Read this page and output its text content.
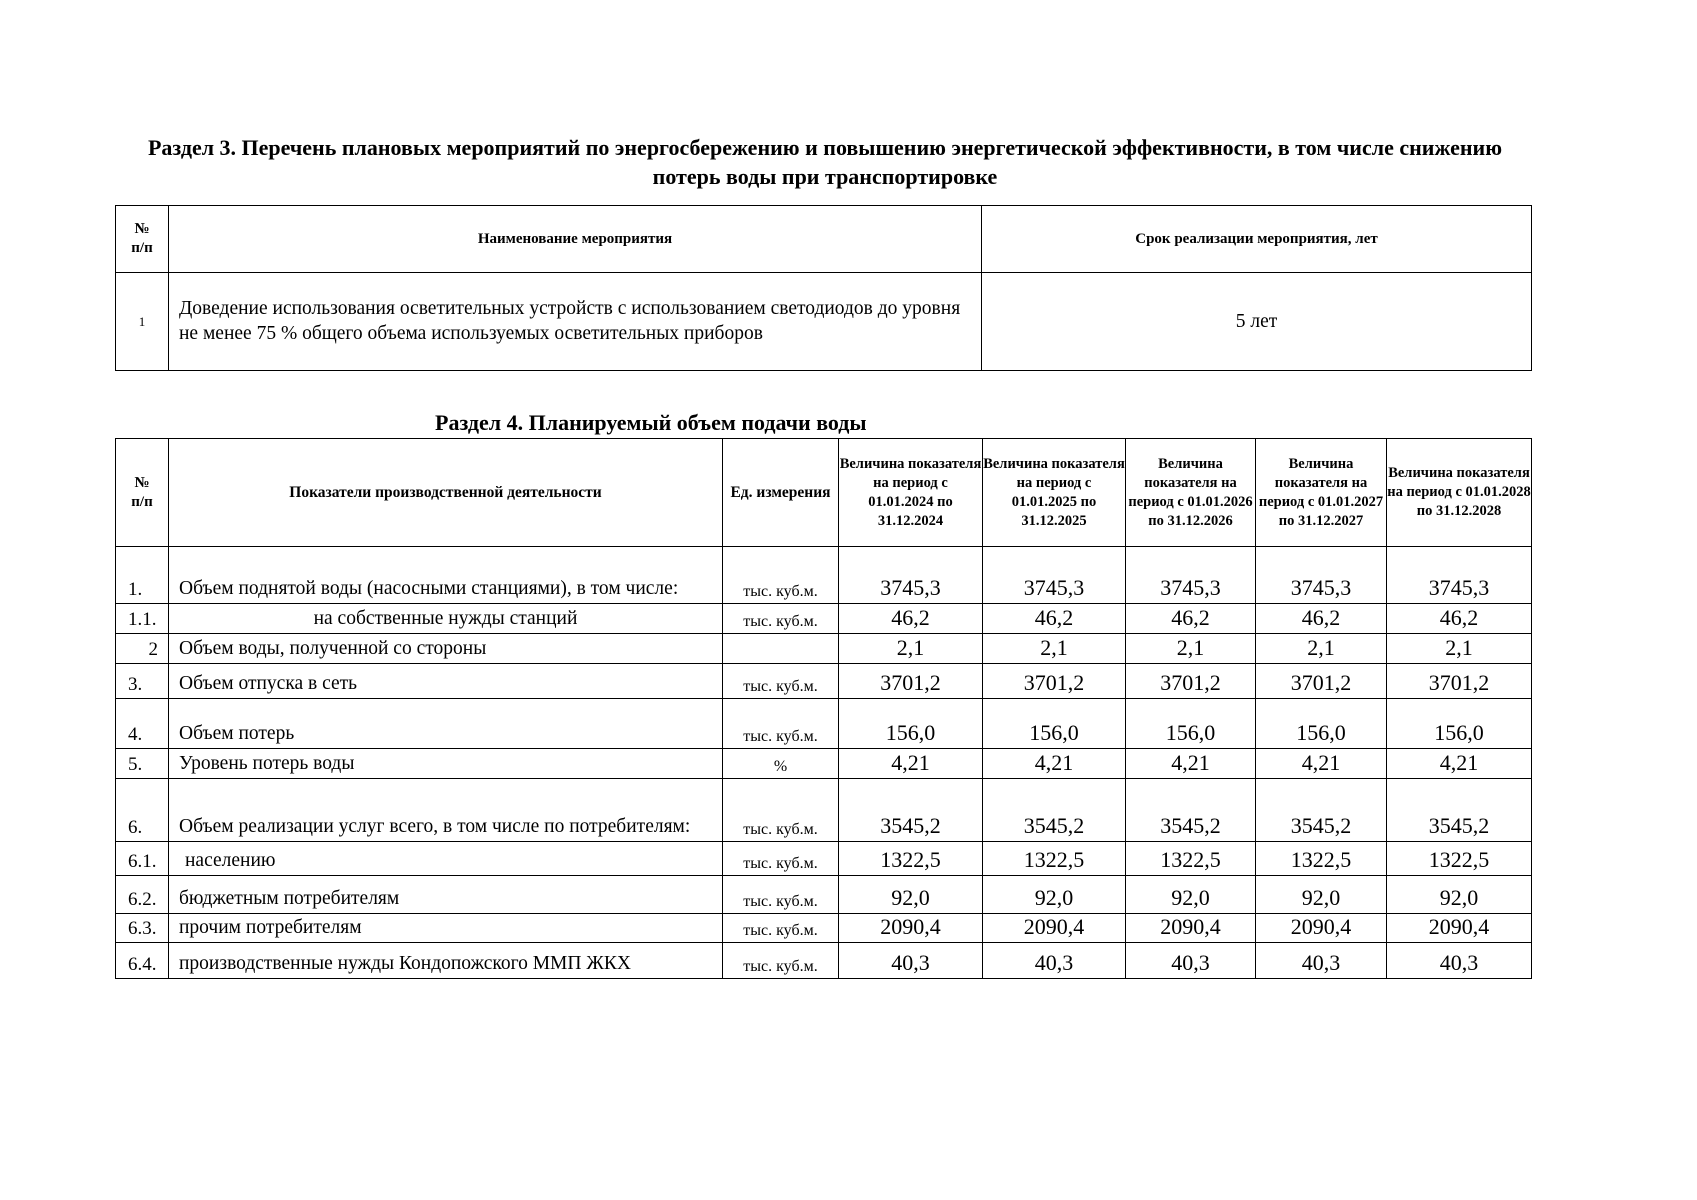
Раздел 3. Перечень плановых мероприятий по энергосбережению и повышению энергетической эффективности, в том числе снижению потерь воды при транспортировке
№
п/п	Наименование мероприятия	Срок реализации мероприятия, лет
1	Доведение использования осветительных устройств с использованием светодиодов до уровня не менее 75 % общего объема используемых осветительных приборов	5 лет
Раздел 4. Планируемый объем подачи воды
№
п/п	Показатели производственной деятельности	Ед. измерения	Величина показателя на период с 01.01.2024 по 31.12.2024	Величина показателя на период с 01.01.2025 по 31.12.2025	Величина показателя на период с 01.01.2026 по 31.12.2026	Величина показателя на период с 01.01.2027 по 31.12.2027	Величина показателя на период с 01.01.2028 по 31.12.2028
1.	Объем поднятой воды (насосными станциями), в том числе:	тыс. куб.м.	3745,3	3745,3	3745,3	3745,3	3745,3
1.1.	на собственные нужды станций	тыс. куб.м.	46,2	46,2	46,2	46,2	46,2
2	Объем воды, полученной со стороны		2,1	2,1	2,1	2,1	2,1
3.	Объем отпуска в сеть	тыс. куб.м.	3701,2	3701,2	3701,2	3701,2	3701,2
4.	Объем потерь	тыс. куб.м.	156,0	156,0	156,0	156,0	156,0
5.	Уровень потерь воды	%	4,21	4,21	4,21	4,21	4,21
6.	Объем реализации услуг всего, в том числе по потребителям:	тыс. куб.м.	3545,2	3545,2	3545,2	3545,2	3545,2
6.1.	населению	тыс. куб.м.	1322,5	1322,5	1322,5	1322,5	1322,5
6.2.	бюджетным потребителям	тыс. куб.м.	92,0	92,0	92,0	92,0	92,0
6.3.	прочим потребителям	тыс. куб.м.	2090,4	2090,4	2090,4	2090,4	2090,4
6.4.	производственные нужды Кондопожского ММП ЖКХ	тыс. куб.м.	40,3	40,3	40,3	40,3	40,3
